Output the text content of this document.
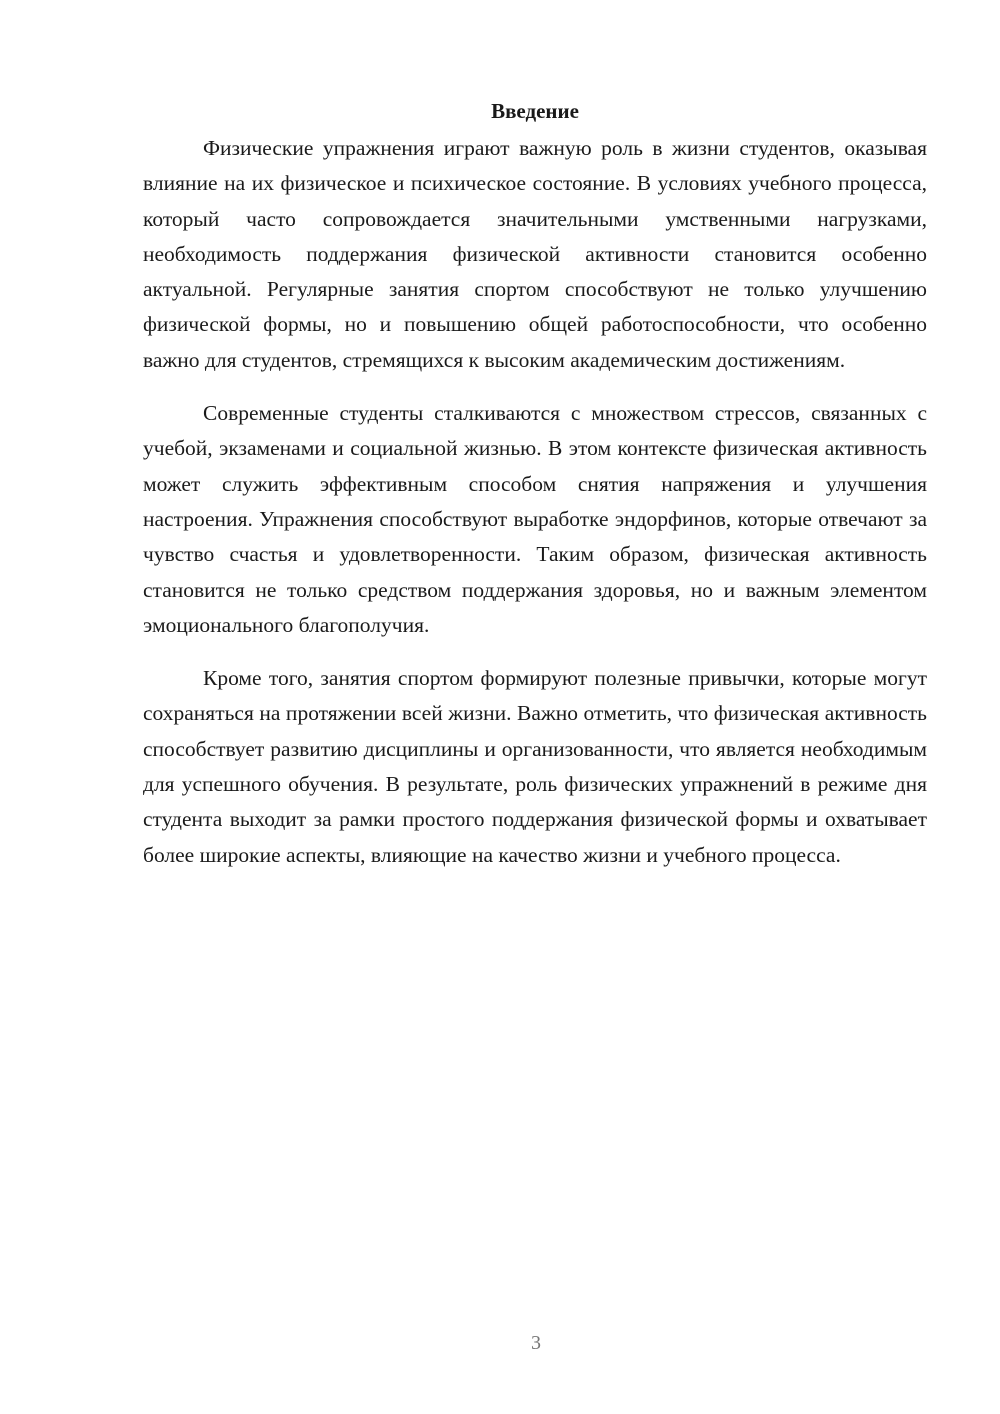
Введение

Физические упражнения играют важную роль в жизни студентов, оказывая влияние на их физическое и психическое состояние. В условиях учебного процесса, который часто сопровождается значительными умственными нагрузками, необходимость поддержания физической активности становится особенно актуальной. Регулярные занятия спортом способствуют не только улучшению физической формы, но и повышению общей работоспособности, что особенно важно для студентов, стремящихся к высоким академическим достижениям.

Современные студенты сталкиваются с множеством стрессов, связанных с учебой, экзаменами и социальной жизнью. В этом контексте физическая активность может служить эффективным способом снятия напряжения и улучшения настроения. Упражнения способствуют выработке эндорфинов, которые отвечают за чувство счастья и удовлетворенности. Таким образом, физическая активность становится не только средством поддержания здоровья, но и важным элементом эмоционального благополучия.

Кроме того, занятия спортом формируют полезные привычки, которые могут сохраняться на протяжении всей жизни. Важно отметить, что физическая активность способствует развитию дисциплины и организованности, что является необходимым для успешного обучения. В результате, роль физических упражнений в режиме дня студента выходит за рамки простого поддержания физической формы и охватывает более широкие аспекты, влияющие на качество жизни и учебного процесса.

3
